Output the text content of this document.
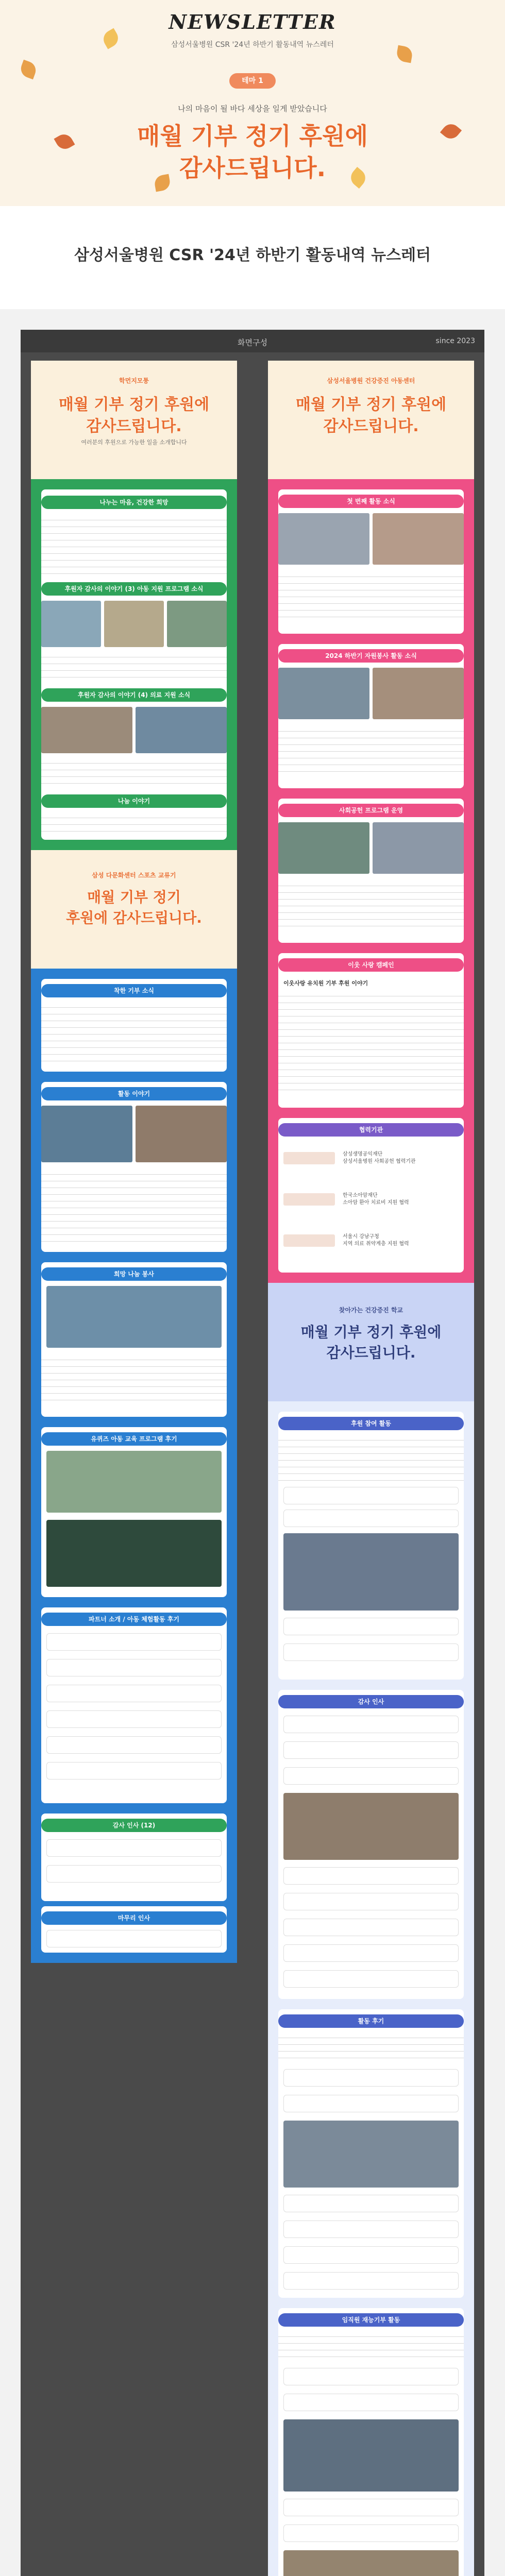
NEWSLETTER
삼성서울병원 CSR '24년 하반기 활동내역 뉴스레터
테마 1
나의 마음이 될 바다 세상을 일게 받았습니다
매월 기부 정기 후원에
감사드립니다.
삼성서울병원 CSR '24년 하반기 활동내역 뉴스레터
화면구성	since 2023
학먼지모퉁
매월 기부 정기 후원에
감사드립니다.
여러분의 후원으로 가능한 일을 소개합니다
나누는 마음, 건강한 희망
후원자 감사의 이야기 (3) 아동 지원 프로그램 소식
후원자 감사의 이야기 (4) 의료 지원 소식
나눔 이야기
삼성 다문화센터 스포츠 교류기
매월 기부 정기
후원에 감사드립니다.
착한 기부 소식
활동 이야기
희망 나눔 봉사
유퀴즈 아동 교육 프로그램 후기
파트너 소개 / 아동 체험활동 후기
감사 인사 (12)
마무리 인사
삼성서울병원 건강증진 아동센터
매월 기부 정기 후원에
감사드립니다.
첫 번째 활동 소식
2024 하반기 자원봉사 활동 소식
사회공헌 프로그램 운영
이웃 사랑 캠페인
이웃사랑 유치원 기부 후원 이야기
협력기관
삼성생명공익재단
삼성서울병원 사회공헌 협력기관
한국소아암재단
소아암 환아 치료비 지원 협력
서울시 강남구청
지역 의료 취약계층 지원 협력
찾아가는 건강증진 학교
매월 기부 정기 후원에
감사드립니다.
후원 참여 활동
감사 인사
활동 후기
임직원 재능기부 활동
